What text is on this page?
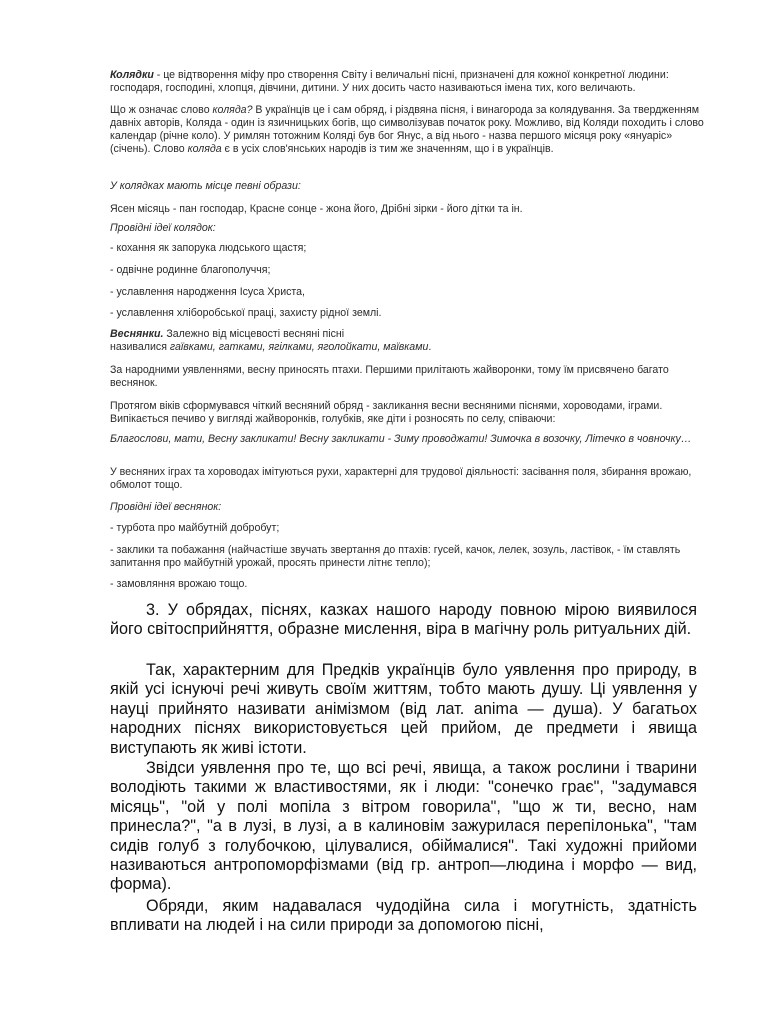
Колядки - це відтворення міфу про створення Світу і величальні пісні, призначені для кожної конкретної людини: господаря, господині, хлопця, дівчини, дитини. У них досить часто називаються імена тих, кого величають.

Що ж означає слово коляда? В українців це і сам обряд, і різдвяна пісня, і винагорода за колядування. За твердженням давніх авторів, Коляда - один із язичницьких богів, що символізував початок року. Можливо, від Коляди походить і слово календар (річне коло). У римлян тотожним Коляді був бог Янус, а від нього - назва першого місяця року «януаріс» (січень). Слово коляда є в усіх слов'янських народів із тим же значенням, що і в українців.

У колядках мають місце певні образи:
Ясен місяць - пан господар, Красне сонце - жона його, Дрібні зірки - його дітки та ін.
Провідні ідеї колядок:
- кохання як запорука людського щастя;
- одвічне родинне благополуччя;
- уславлення народження Ісуса Христа,
- уславлення хліборобської праці, захисту рідної землі.

Веснянки. Залежно від місцевості весняні пісні

називалися гаївками, гатками, ягілками, яголойкати, маївками.

За народними уявленнями, весну приносять птахи. Першими прилітають жайворонки, тому їм присвячено багато веснянок.
Протягом віків сформувався чіткий весняний обряд - закликання весни весняними піснями, хороводами, іграми. Випікається печиво у вигляді жайворонків, голубків, яке діти і розносять по селу, співаючи:
Благослови, мати, Весну закликати! Весну закликати - Зиму проводжати! Зимочка в возочку, Літечко в човночку…
У весняних іграх та хороводах імітуються рухи, характерні для трудової діяльності: засівання поля, збирання врожаю, обмолот тощо.
Провідні ідеї веснянок:
- турбота про майбутній добробут;
- заклики та побажання (найчастіше звучать звертання до птахів: гусей, качок, лелек, зозуль, ластівок, - їм ставлять запитання про майбутній урожай, просять принести літнє тепло);
- замовляння врожаю тощо.
3. У обрядах, піснях, казках нашого народу повною мірою виявилося його світосприйняття, образне мислення, віра в магічну роль ритуальних дій.
Так, характерним для Предків українців було уявлення про природу, в якій усі існуючі речі живуть своїм життям, тобто мають душу. Ці уявлення у науці прийнято називати анімізмом (від лат. anima — душа). У багатьох народних піснях використовується цей прийом, де предмети і явища виступають як живі істоти.
Звідси уявлення про те, що всі речі, явища, а також рослини і тварини володіють такими ж властивостями, як і люди: "сонечко грає", "задумався місяць", "ой у полі мопіла з вітром говорила", "що ж ти, весно, нам принесла?", "а в лузі, в лузі, а в калиновім зажурилася перепілонька", "там сидів голуб з голубочкою, цілувалися, обіймалися". Такі художні прийоми називаються антропоморфізмами (від гр. антроп—людина і морфо — вид, форма).
Обряди, яким надавалася чудодійна сила і могутність, здатність впливати на людей і на сили природи за допомогою пісні,
